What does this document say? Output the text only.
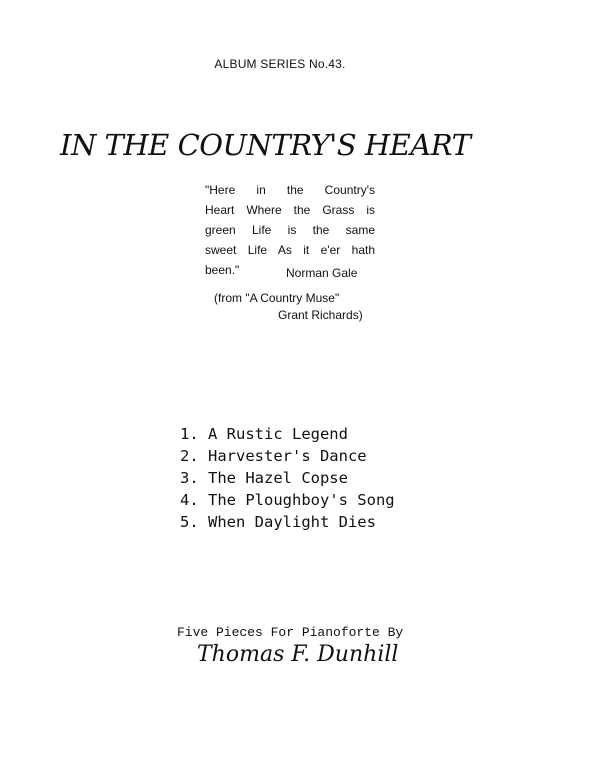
ALBUM SERIES No.43.
IN THE COUNTRY'S HEART
"Here in the Country's
Heart Where the Grass is
green Life is the same
sweet Life As it e'er hath
been."	Norman Gale
(from "A Country Muse"
Grant Richards)
1. A Rustic Legend
2. Harvester's Dance
3. The Hazel Copse
4. The Ploughboy's Song
5. When Daylight Dies
Five Pieces For Pianoforte By
Thomas F. Dunhill
